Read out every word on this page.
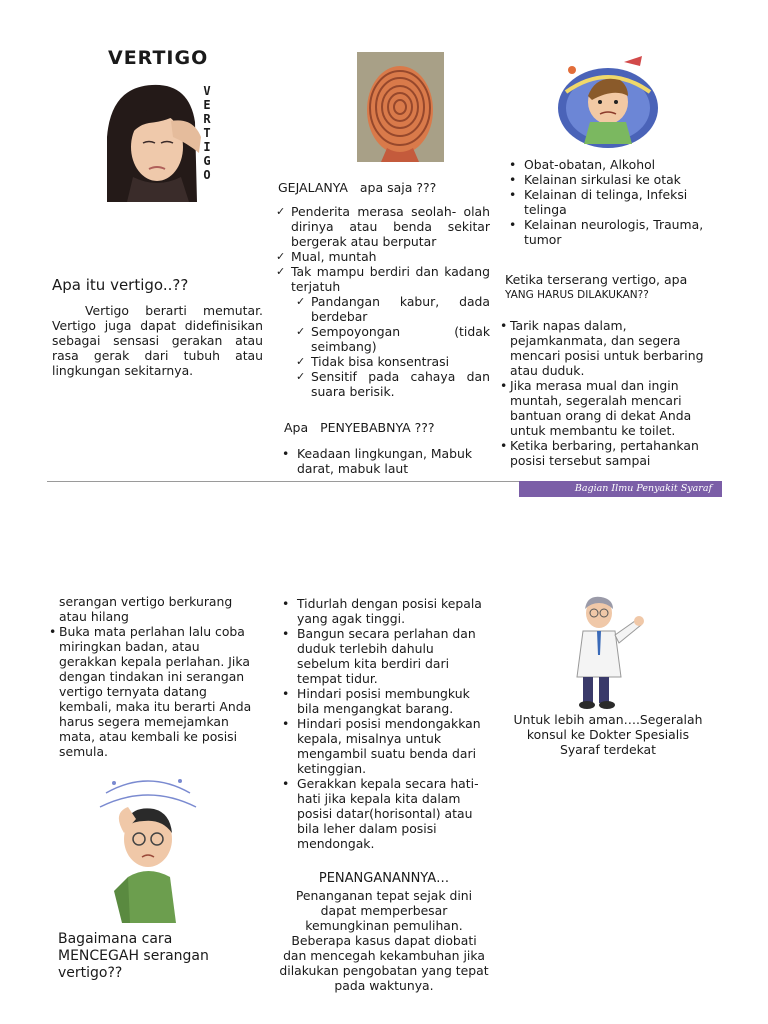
VERTIGO
V
E
R
T
I
G
O
Apa itu vertigo..??
Vertigo berarti memutar. Vertigo juga dapat didefinisikan sebagai sensasi gerakan atau rasa gerak dari tubuh atau lingkungan sekitarnya.
GEJALANYA   apa saja ???
✓ Penderita merasa seolah- olah dirinya atau benda sekitar bergerak atau berputar
✓ Mual, muntah
✓ Tak mampu berdiri dan kadang terjatuh
✓ Pandangan kabur, dada berdebar
✓ Sempoyongan (tidak seimbang)
✓ Tidak bisa konsentrasi
✓ Sensitif pada cahaya dan suara berisik.
Apa   PENYEBABNYA ???
• Keadaan lingkungan, Mabuk darat, mabuk laut
• Obat-obatan, Alkohol
• Kelainan sirkulasi ke otak
• Kelainan di telinga, Infeksi telinga
• Kelainan neurologis, Trauma, tumor
Ketika terserang vertigo, apa
YANG HARUS DILAKUKAN??
• Tarik napas dalam, pejamkanmata, dan segera mencari posisi untuk berbaring atau duduk.
• Jika merasa mual dan ingin muntah, segeralah mencari bantuan orang di dekat Anda untuk membantu ke toilet.
• Ketika berbaring, pertahankan posisi tersebut sampai
Bagian Ilmu Penyakit Syaraf
serangan vertigo berkurang atau hilang
• Buka mata perlahan lalu coba miringkan badan, atau gerakkan kepala perlahan. Jika dengan tindakan ini serangan vertigo ternyata datang kembali, maka itu berarti Anda harus segera memejamkan mata, atau kembali ke posisi semula.
Bagaimana cara MENCEGAH serangan vertigo??
• Tidurlah dengan posisi kepala yang agak tinggi.
• Bangun secara perlahan dan duduk terlebih dahulu sebelum kita berdiri dari tempat tidur.
• Hindari posisi membungkuk bila mengangkat barang.
• Hindari posisi mendongakkan kepala, misalnya untuk mengambil suatu benda dari ketinggian.
• Gerakkan kepala secara hati-hati jika kepala kita dalam posisi datar(horisontal) atau bila leher dalam posisi mendongak.
PENANGANANNYA…
Penanganan tepat sejak dini dapat memperbesar kemungkinan pemulihan. Beberapa kasus dapat diobati dan mencegah kekambuhan jika dilakukan pengobatan yang tepat pada waktunya.
Untuk lebih aman….Segeralah konsul ke Dokter Spesialis Syaraf terdekat
